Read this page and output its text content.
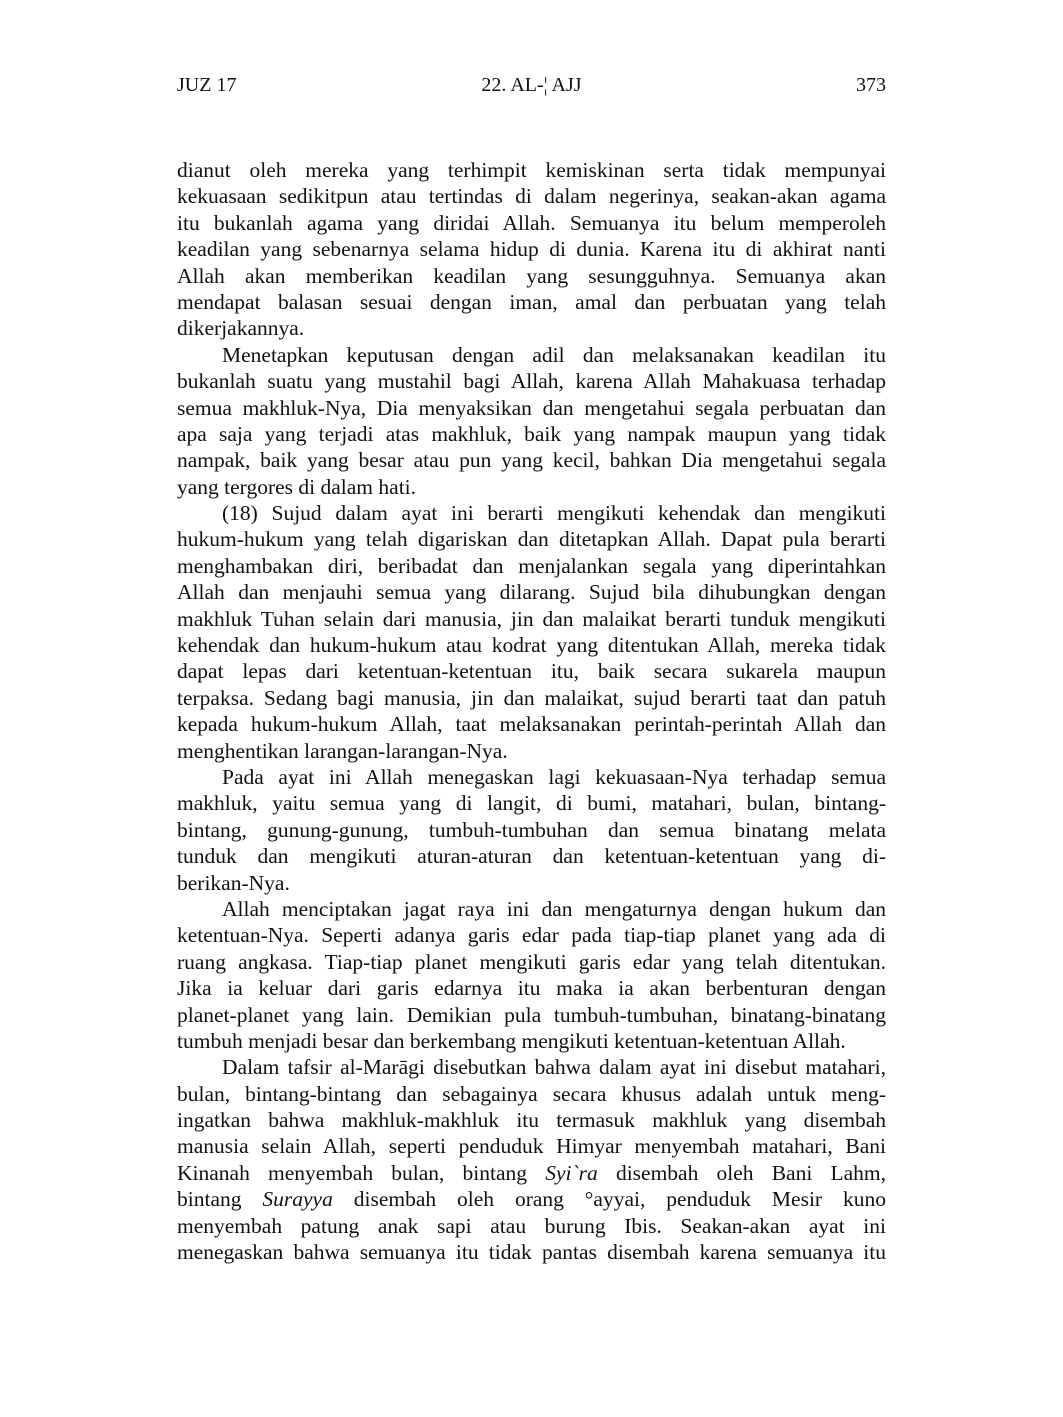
JUZ 17	22. AL-¦ AJJ	373
dianut oleh mereka yang terhimpit kemiskinan serta tidak mempunyai
kekuasaan sedikitpun atau tertindas di dalam negerinya, seakan-akan agama
itu bukanlah agama yang diridai Allah. Semuanya itu belum memperoleh
keadilan yang sebenarnya selama hidup di dunia. Karena itu di akhirat nanti
Allah akan memberikan keadilan yang sesungguhnya. Semuanya akan
mendapat balasan sesuai dengan iman, amal dan perbuatan yang telah
dikerjakannya.
Menetapkan keputusan dengan adil dan melaksanakan keadilan itu
bukanlah suatu yang mustahil bagi Allah, karena Allah Mahakuasa terhadap
semua makhluk-Nya, Dia menyaksikan dan mengetahui segala perbuatan dan
apa saja yang terjadi atas makhluk, baik yang nampak maupun yang tidak
nampak, baik yang besar atau pun yang kecil, bahkan Dia mengetahui segala
yang tergores di dalam hati.
(18) Sujud dalam ayat ini berarti mengikuti kehendak dan mengikuti
hukum-hukum yang telah digariskan dan ditetapkan Allah. Dapat pula berarti
menghambakan diri, beribadat dan menjalankan segala yang diperintahkan
Allah dan menjauhi semua yang dilarang. Sujud bila dihubungkan dengan
makhluk Tuhan selain dari manusia, jin dan malaikat berarti tunduk mengikuti
kehendak dan hukum-hukum atau kodrat yang ditentukan Allah, mereka tidak
dapat lepas dari ketentuan-ketentuan itu, baik secara sukarela maupun
terpaksa. Sedang bagi manusia, jin dan malaikat, sujud berarti taat dan patuh
kepada hukum-hukum Allah, taat melaksanakan perintah-perintah Allah dan
menghentikan larangan-larangan-Nya.
Pada ayat ini Allah menegaskan lagi kekuasaan-Nya terhadap semua
makhluk, yaitu semua yang di langit, di bumi, matahari, bulan, bintang-
bintang, gunung-gunung, tumbuh-tumbuhan dan semua binatang melata
tunduk dan mengikuti aturan-aturan dan ketentuan-ketentuan yang di-
berikan-Nya.
Allah menciptakan jagat raya ini dan mengaturnya dengan hukum dan
ketentuan-Nya. Seperti adanya garis edar pada tiap-tiap planet yang ada di
ruang angkasa. Tiap-tiap planet mengikuti garis edar yang telah ditentukan.
Jika ia keluar dari garis edarnya itu maka ia akan berbenturan dengan
planet-planet yang lain. Demikian pula tumbuh-tumbuhan, binatang-binatang
tumbuh menjadi besar dan berkembang mengikuti ketentuan-ketentuan Allah.
Dalam tafsir al-Marāgi disebutkan bahwa dalam ayat ini disebut matahari,
bulan, bintang-bintang dan sebagainya secara khusus adalah untuk meng-
ingatkan bahwa makhluk-makhluk itu termasuk makhluk yang disembah
manusia selain Allah, seperti penduduk Himyar menyembah matahari, Bani
Kinanah menyembah bulan, bintang Syi`ra disembah oleh Bani Lahm,
bintang Surayya disembah oleh orang °ayyai, penduduk Mesir kuno
menyembah patung anak sapi atau burung Ibis. Seakan-akan ayat ini
menegaskan bahwa semuanya itu tidak pantas disembah karena semuanya itu
